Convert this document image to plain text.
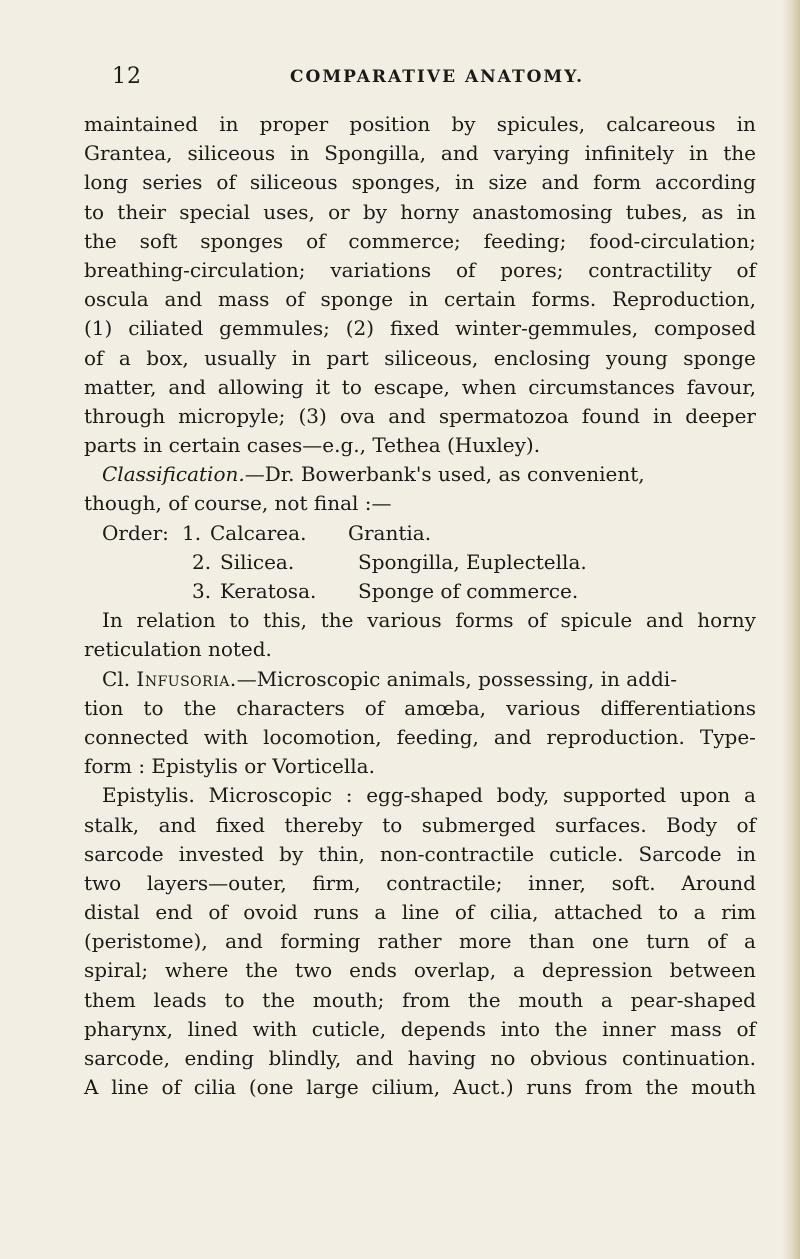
12	COMPARATIVE ANATOMY.
maintained in proper position by spicules, calcareous in
Grantea, siliceous in Spongilla, and varying infinitely in the
long series of siliceous sponges, in size and form according
to their special uses, or by horny anastomosing tubes, as in
the soft sponges of commerce; feeding; food-circulation;
breathing-circulation; variations of pores; contractility of
oscula and mass of sponge in certain forms. Reproduction,
(1) ciliated gemmules; (2) fixed winter-gemmules, composed
of a box, usually in part siliceous, enclosing young sponge
matter, and allowing it to escape, when circumstances favour,
through micropyle; (3) ova and spermatozoa found in deeper
parts in certain cases—e.g., Tethea (Huxley).
Classification. —Dr. Bowerbank's used, as convenient,
though, of course, not final :—
Order: 1. Calcarea.	Grantia.
2. Silicea.	Spongilla, Euplectella.
3. Keratosa.	Sponge of commerce.
In relation to this, the various forms of spicule and horny
reticulation noted.
Cl.
Infusoria. —Microscopic animals, possessing, in addi-
tion to the characters of amœba, various differentiations
connected with locomotion, feeding, and reproduction. Type-
form : Epistylis or Vorticella.
Epistylis. Microscopic : egg-shaped body, supported upon a
stalk, and fixed thereby to submerged surfaces. Body of
sarcode invested by thin, non-contractile cuticle. Sarcode in
two layers—outer, firm, contractile; inner, soft. Around
distal end of ovoid runs a line of cilia, attached to a rim
(peristome), and forming rather more than one turn of a
spiral; where the two ends overlap, a depression between
them leads to the mouth; from the mouth a pear-shaped
pharynx, lined with cuticle, depends into the inner mass of
sarcode, ending blindly, and having no obvious continuation.
A line of cilia (one large cilium, Auct.) runs from the mouth
